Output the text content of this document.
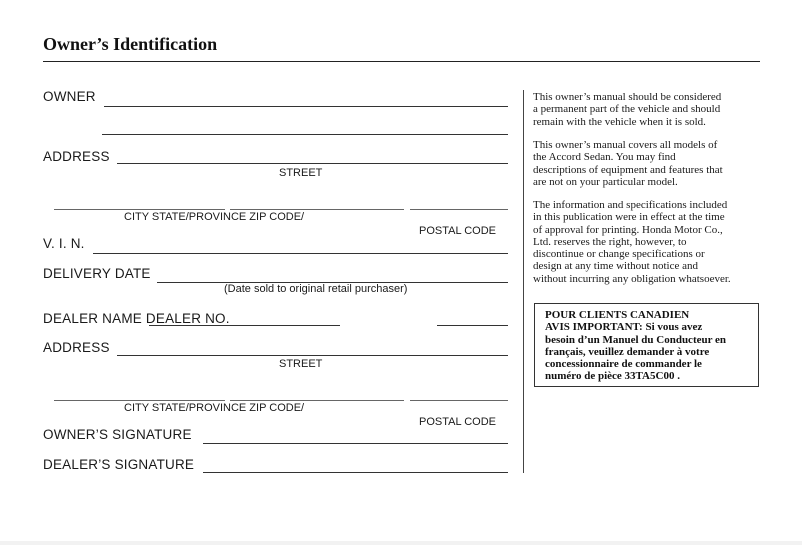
Owner’s Identification
OWNER
ADDRESS
STREET
CITY STATE/PROVINCE ZIP CODE/
POSTAL CODE
V. I. N.
DELIVERY DATE
(Date sold to original retail purchaser)
DEALER NAME DEALER NO.
ADDRESS
STREET
CITY STATE/PROVINCE ZIP CODE/
POSTAL CODE
OWNER’S SIGNATURE
DEALER’S SIGNATURE
This owner’s manual should be considered
a permanent part of the vehicle and should
remain with the vehicle when it is sold.
This owner’s manual covers all models of
the Accord Sedan. You may find
descriptions of equipment and features that
are not on your particular model.
The information and specifications included
in this publication were in effect at the time
of approval for printing. Honda Motor Co.,
Ltd. reserves the right, however, to
discontinue or change specifications or
design at any time without notice and
without incurring any obligation whatsoever.
POUR CLIENTS CANADIEN
AVIS IMPORTANT: Si vous avez
besoin d’un Manuel du Conducteur en
français, veuillez demander à votre
concessionnaire de commander le
numéro de pièce 33TA5C00 .
